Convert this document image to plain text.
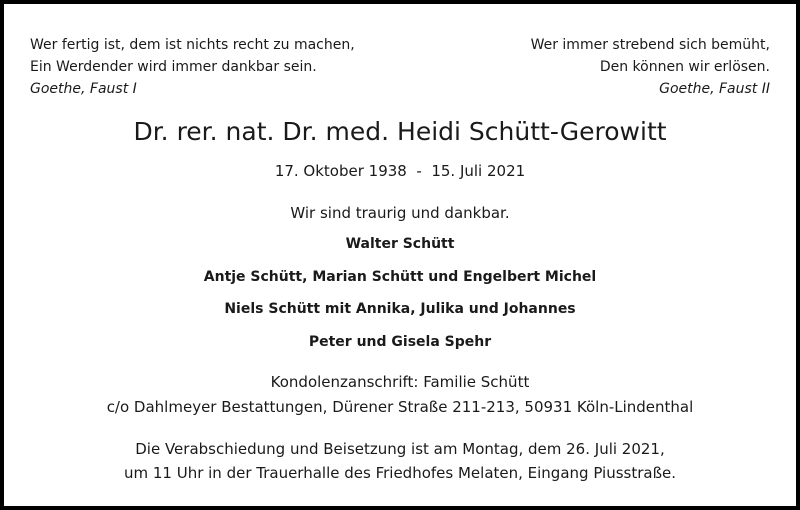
Wer fertig ist, dem ist nichts recht zu machen,
Ein Werdender wird immer dankbar sein.
Goethe, Faust I
Wer immer strebend sich bemüht,
Den können wir erlösen.
Goethe, Faust II
Dr. rer. nat. Dr. med. Heidi Schütt-Gerowitt
17. Oktober 1938  -  15. Juli 2021
Wir sind traurig und dankbar.
Walter Schütt
Antje Schütt, Marian Schütt und Engelbert Michel
Niels Schütt mit Annika, Julika und Johannes
Peter und Gisela Spehr
Kondolenzanschrift: Familie Schütt
c/o Dahlmeyer Bestattungen, Dürener Straße 211-213, 50931 Köln-Lindenthal
Die Verabschiedung und Beisetzung ist am Montag, dem 26. Juli 2021,
um 11 Uhr in der Trauerhalle des Friedhofes Melaten, Eingang Piusstraße.
